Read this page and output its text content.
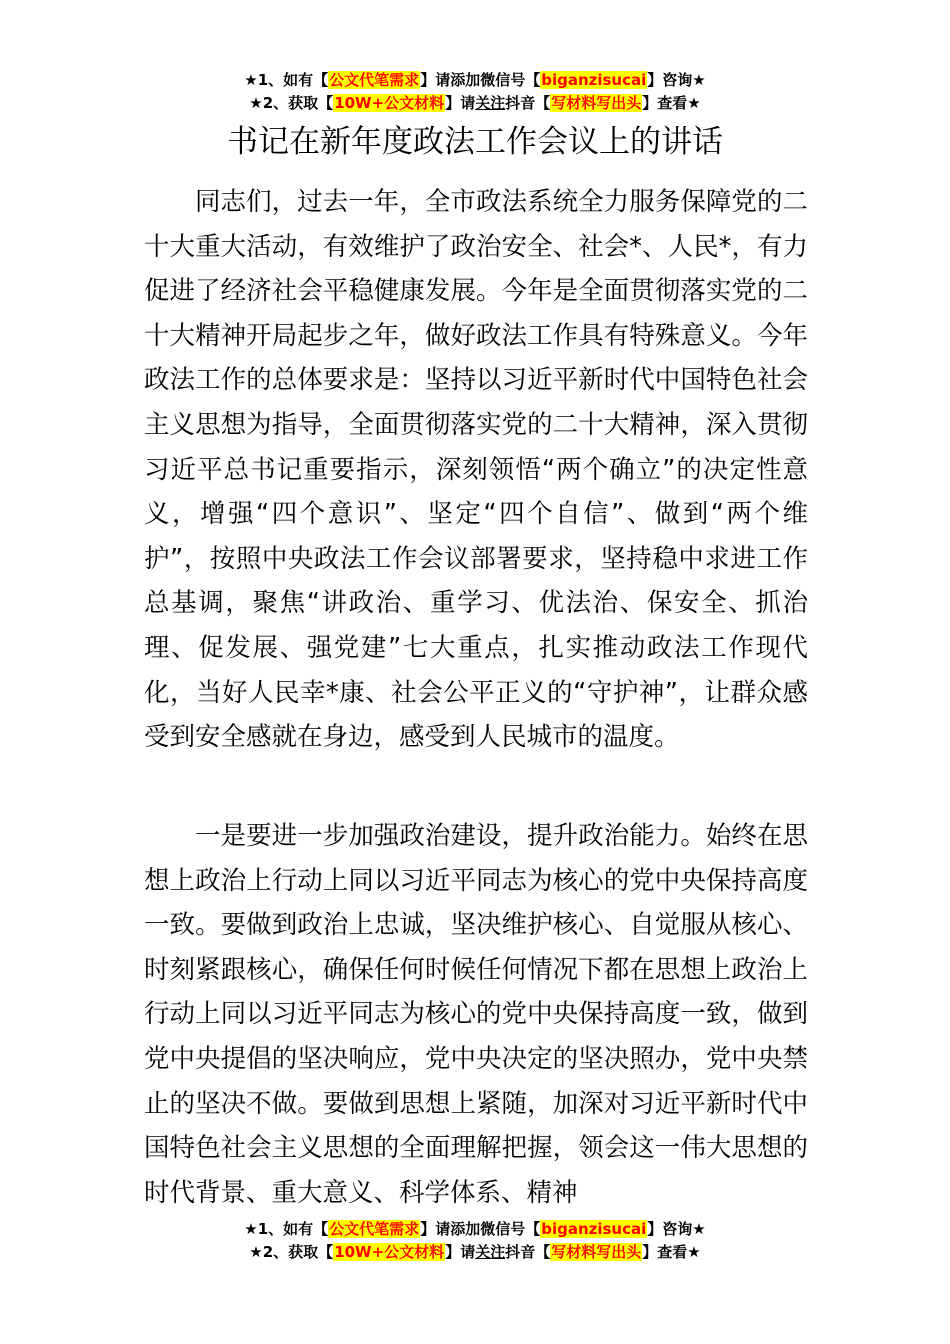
★1、如有【公文代笔需求】请添加微信号【biganzisucai】咨询★
★2、获取【10W+公文材料】请关注抖音【写材料写出头】查看★
书记在新年度政法工作会议上的讲话

同志们，过去一年，全市政法系统全力服务保障党的二十大重大活动，有效维护了政治安全、社会*、人民*，有力促进了经济社会平稳健康发展。今年是全面贯彻落实党的二十大精神开局起步之年，做好政法工作具有特殊意义。今年政法工作的总体要求是：坚持以习近平新时代中国特色社会主义思想为指导，全面贯彻落实党的二十大精神，深入贯彻习近平总书记重要指示，深刻领悟“两个确立”的决定性意义，增强“四个意识”、坚定“四个自信”、做到“两个维护”，按照中央政法工作会议部署要求，坚持稳中求进工作总基调，聚焦“讲政治、重学习、优法治、保安全、抓治理、促发展、强党建”七大重点，扎实推动政法工作现代化，当好人民幸*康、社会公平正义的“守护神”，让群众感受到安全感就在身边，感受到人民城市的温度。

一是要进一步加强政治建设，提升政治能力。始终在思想上政治上行动上同以习近平同志为核心的党中央保持高度一致。要做到政治上忠诚，坚决维护核心、自觉服从核心、时刻紧跟核心，确保任何时候任何情况下都在思想上政治上行动上同以习近平同志为核心的党中央保持高度一致，做到党中央提倡的坚决响应，党中央决定的坚决照办，党中央禁止的坚决不做。要做到思想上紧随，加深对习近平新时代中国特色社会主义思想的全面理解把握，领会这一伟大思想的时代背景、重大意义、科学体系、精神

★1、如有【公文代笔需求】请添加微信号【biganzisucai】咨询★
★2、获取【10W+公文材料】请关注抖音【写材料写出头】查看★
